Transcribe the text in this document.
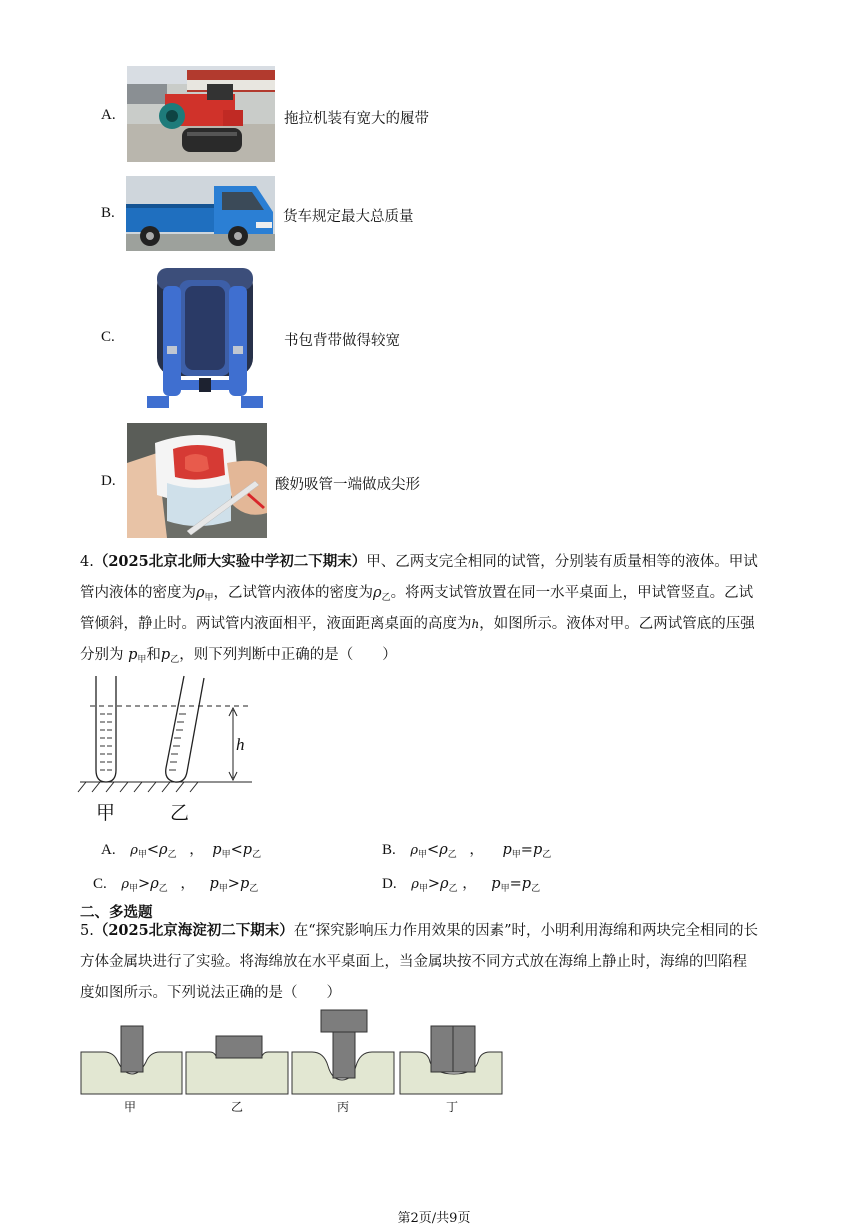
A.	拖拉机装有宽大的履带
B.	货车规定最大总质量
C.	书包背带做得较宽
D.	酸奶吸管一端做成尖形
4.（2025北京北师大实验中学初二下期末）甲、乙两支完全相同的试管，分别装有质量相等的液体。甲试
管内液体的密度为$\rho_甲$，乙试管内液体的密度为$\rho_乙$。将两支试管放置在同一水平桌面上，甲试管竖直。乙试
管倾斜，静止时。两试管内液面相平，液面距离桌面的高度为h，如图所示。液体对甲。乙两试管底的压强
分别为 $p_甲$和$p_乙$，则下列判断中正确的是（　　）
h
甲	乙
A. $\rho_甲<\rho_乙$ ， $p_甲<p_乙$	B. $\rho_甲<\rho_乙$ ， $p_甲=p_乙$
C. $\rho_甲>\rho_乙$ ， $p_甲>p_乙$	D. $\rho_甲>\rho_乙$ ， $p_甲=p_乙$
二、多选题
5.（2025北京海淀初二下期末）在“探究影响压力作用效果的因素”时，小明利用海绵和两块完全相同的长
方体金属块进行了实验。将海绵放在水平桌面上，当金属块按不同方式放在海绵上静止时，海绵的凹陷程
度如图所示。下列说法正确的是（　　）
甲	乙	丙	丁
第2页/共9页
